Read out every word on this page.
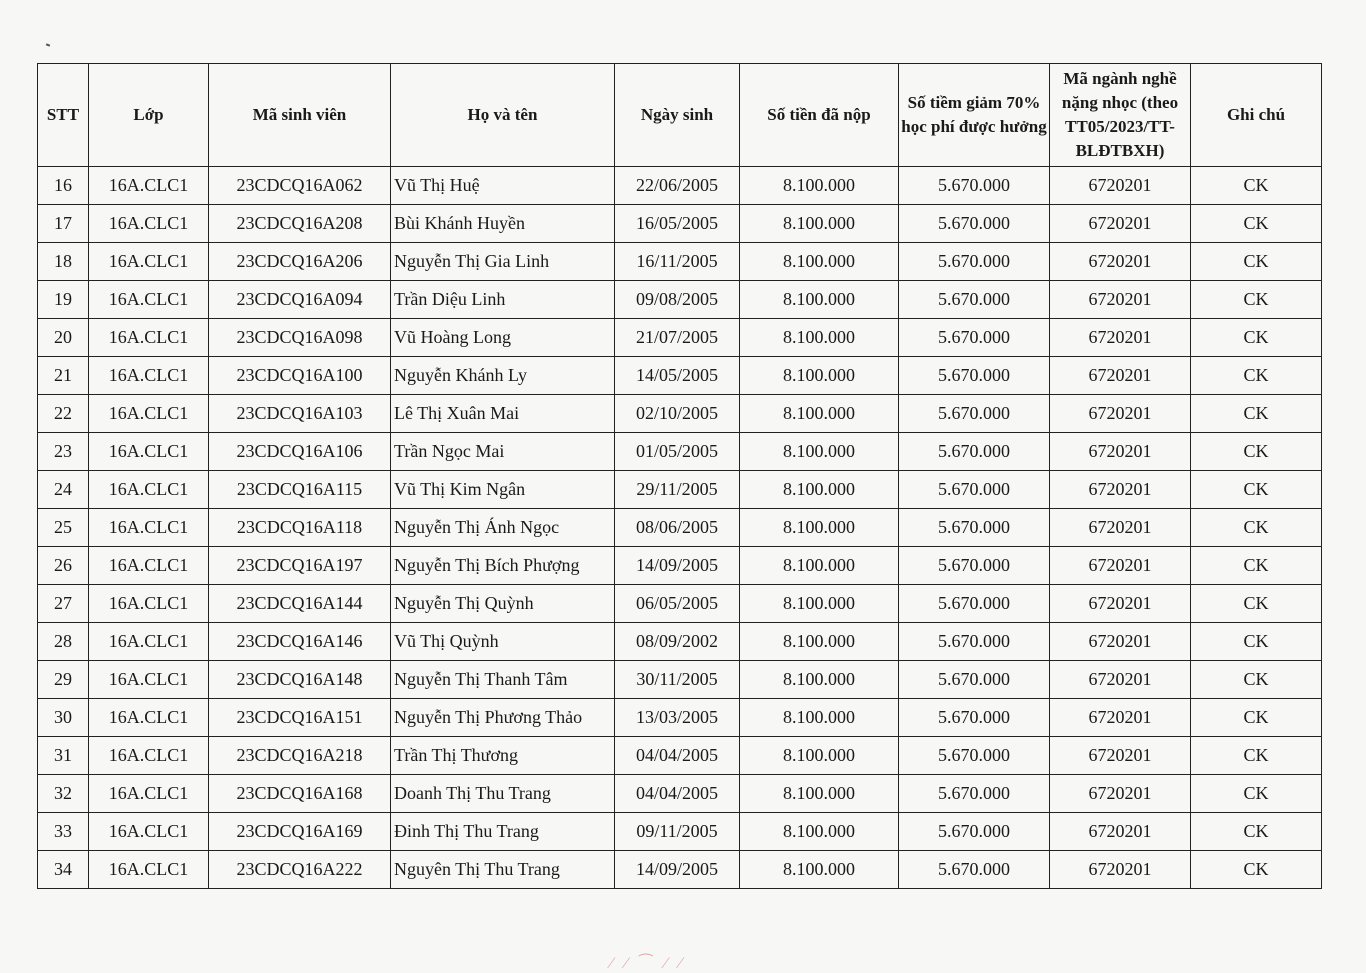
STT	Lớp	Mã sinh viên	Họ và tên	Ngày sinh	Số tiền đã nộp	Số tiềm giảm 70% học phí được hưởng	Mã ngành nghề nặng nhọc (theo TT05/2023/TT-BLĐTBXH)	Ghi chú
16	16A.CLC1	23CDCQ16A062	Vũ Thị Huệ	22/06/2005	8.100.000	5.670.000	6720201	CK
17	16A.CLC1	23CDCQ16A208	Bùi Khánh Huyền	16/05/2005	8.100.000	5.670.000	6720201	CK
18	16A.CLC1	23CDCQ16A206	Nguyễn Thị Gia Linh	16/11/2005	8.100.000	5.670.000	6720201	CK
19	16A.CLC1	23CDCQ16A094	Trần Diệu Linh	09/08/2005	8.100.000	5.670.000	6720201	CK
20	16A.CLC1	23CDCQ16A098	Vũ Hoàng Long	21/07/2005	8.100.000	5.670.000	6720201	CK
21	16A.CLC1	23CDCQ16A100	Nguyễn Khánh Ly	14/05/2005	8.100.000	5.670.000	6720201	CK
22	16A.CLC1	23CDCQ16A103	Lê Thị Xuân Mai	02/10/2005	8.100.000	5.670.000	6720201	CK
23	16A.CLC1	23CDCQ16A106	Trần Ngọc Mai	01/05/2005	8.100.000	5.670.000	6720201	CK
24	16A.CLC1	23CDCQ16A115	Vũ Thị Kim Ngân	29/11/2005	8.100.000	5.670.000	6720201	CK
25	16A.CLC1	23CDCQ16A118	Nguyễn Thị Ánh Ngọc	08/06/2005	8.100.000	5.670.000	6720201	CK
26	16A.CLC1	23CDCQ16A197	Nguyễn Thị Bích Phượng	14/09/2005	8.100.000	5.670.000	6720201	CK
27	16A.CLC1	23CDCQ16A144	Nguyễn Thị Quỳnh	06/05/2005	8.100.000	5.670.000	6720201	CK
28	16A.CLC1	23CDCQ16A146	Vũ Thị Quỳnh	08/09/2002	8.100.000	5.670.000	6720201	CK
29	16A.CLC1	23CDCQ16A148	Nguyễn Thị Thanh Tâm	30/11/2005	8.100.000	5.670.000	6720201	CK
30	16A.CLC1	23CDCQ16A151	Nguyễn Thị Phương Thảo	13/03/2005	8.100.000	5.670.000	6720201	CK
31	16A.CLC1	23CDCQ16A218	Trần Thị Thương	04/04/2005	8.100.000	5.670.000	6720201	CK
32	16A.CLC1	23CDCQ16A168	Doanh Thị Thu Trang	04/04/2005	8.100.000	5.670.000	6720201	CK
33	16A.CLC1	23CDCQ16A169	Đinh Thị Thu Trang	09/11/2005	8.100.000	5.670.000	6720201	CK
34	16A.CLC1	23CDCQ16A222	Nguyên Thị Thu Trang	14/09/2005	8.100.000	5.670.000	6720201	CK
⁄ ⁄ ⁀ ⁄ ⁄
